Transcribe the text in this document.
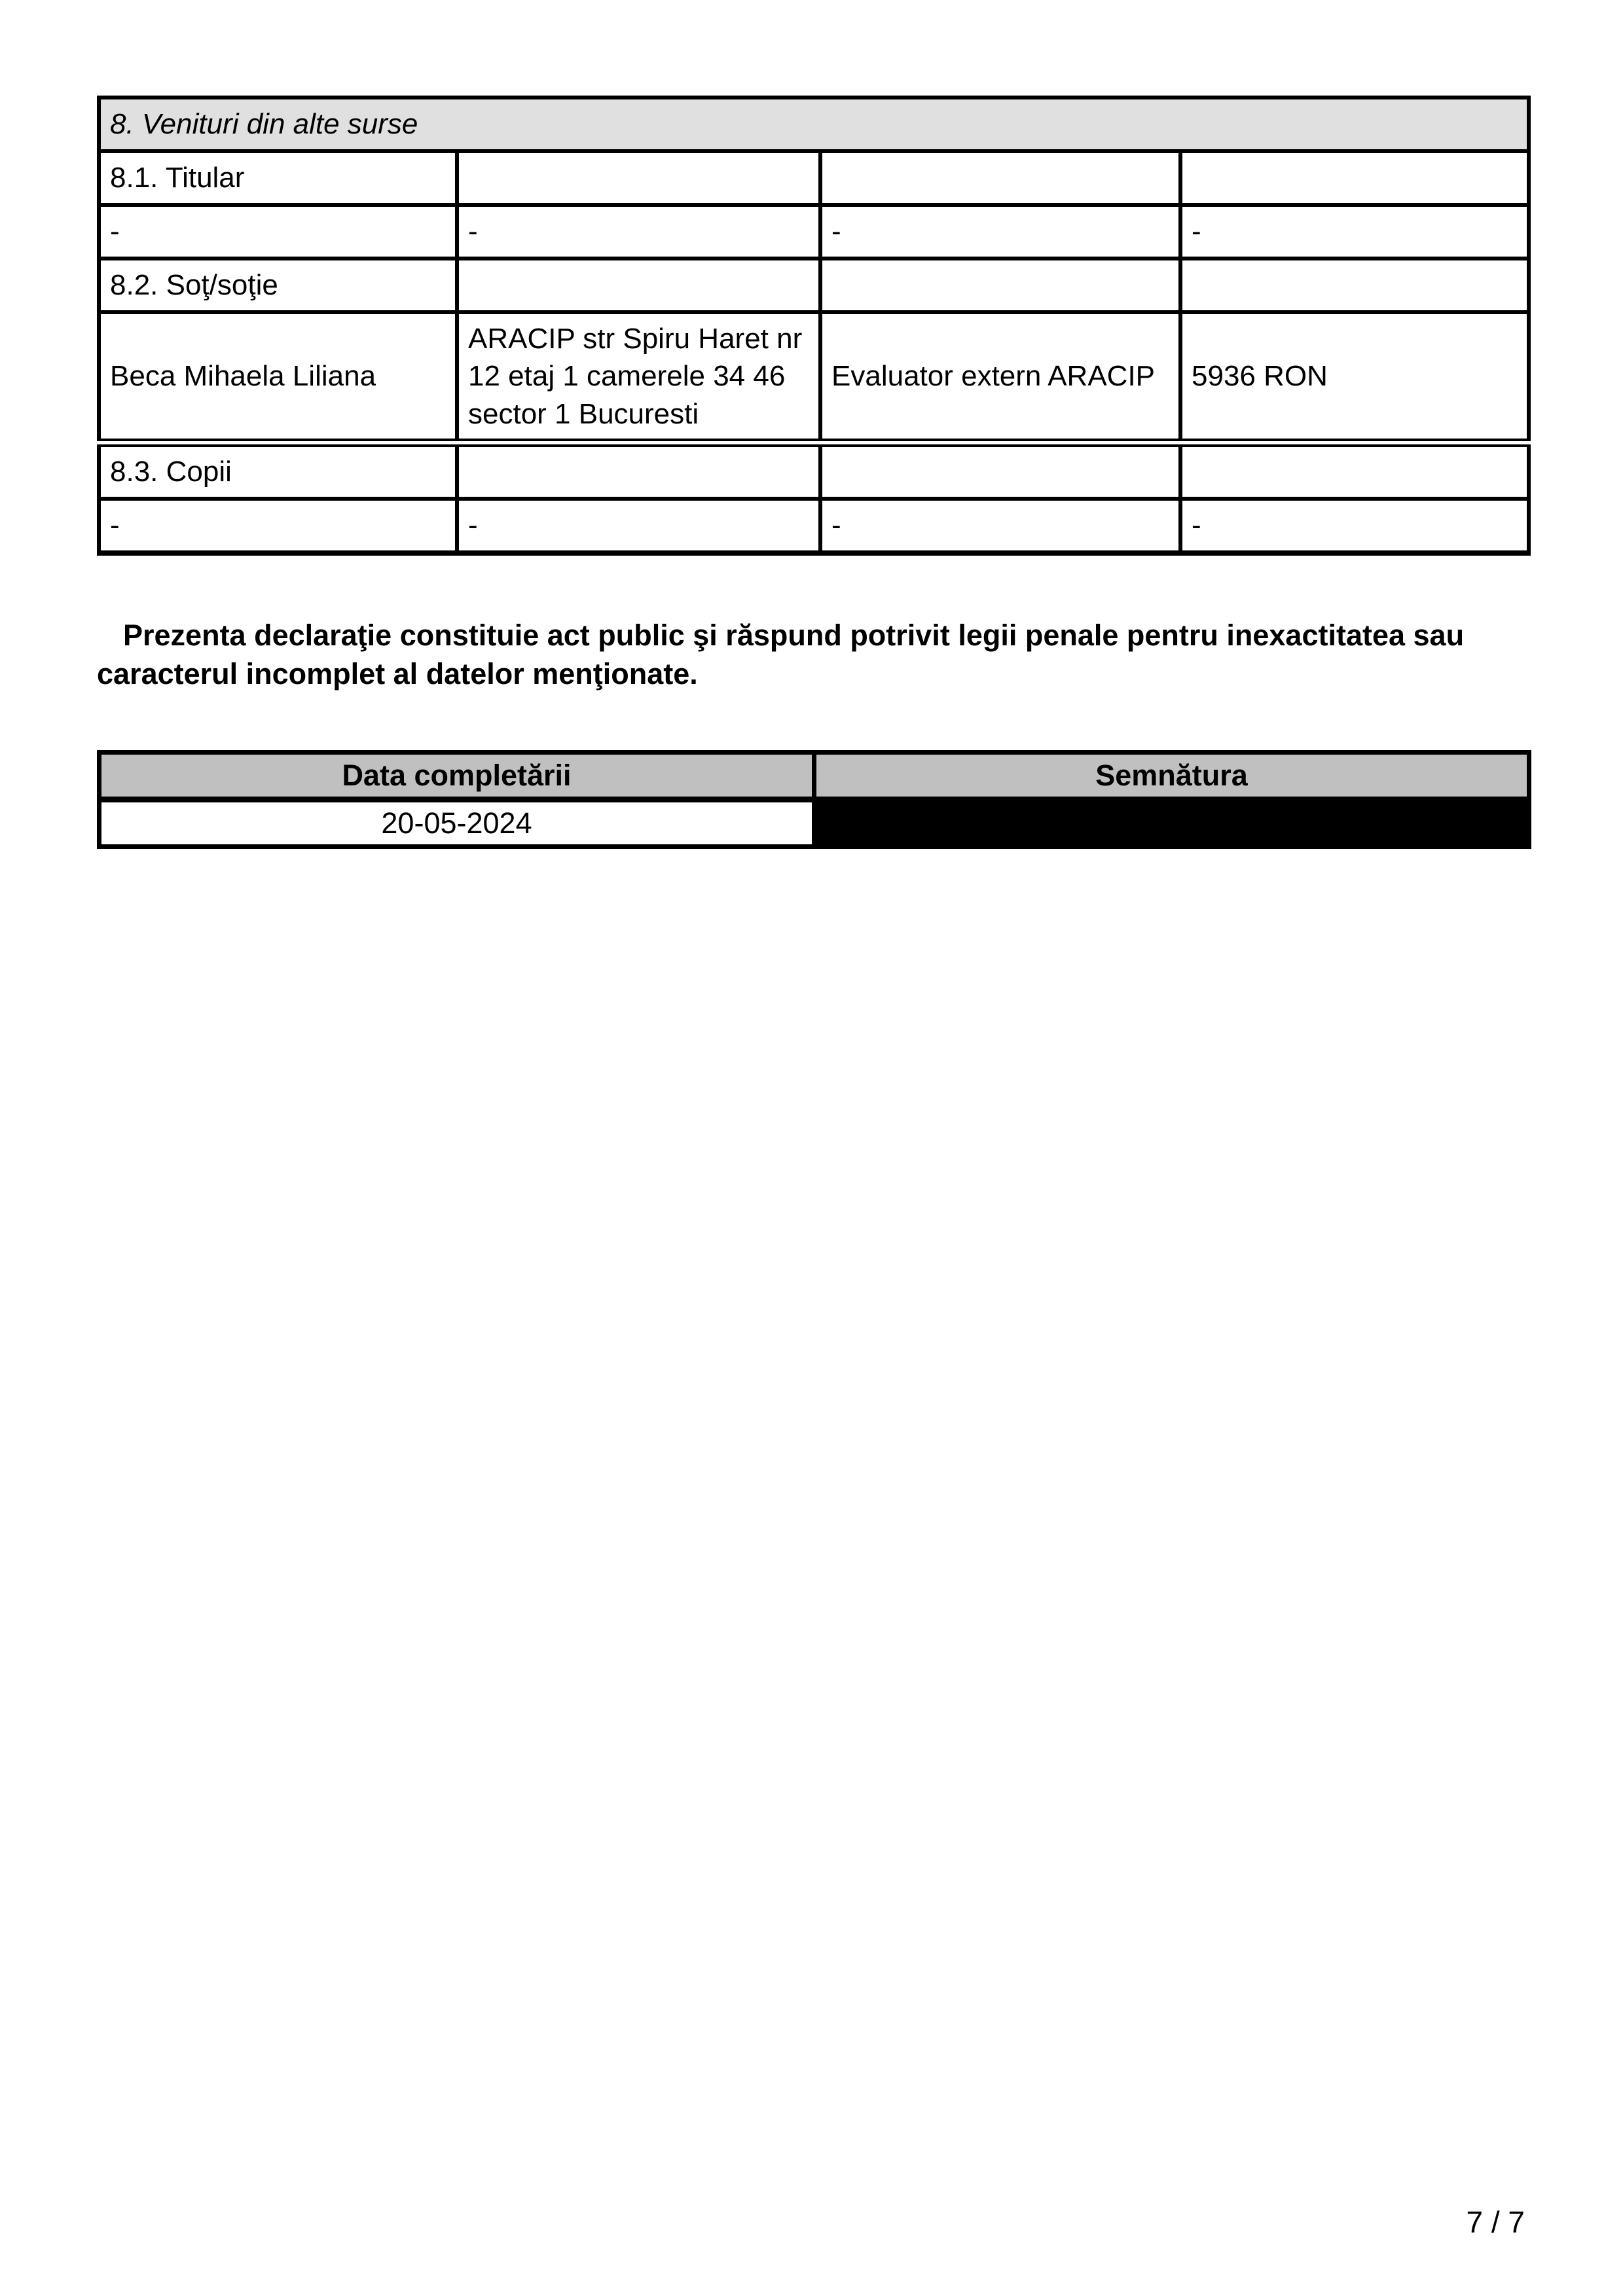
8. Venituri din alte surse			
8.1. Titular			
-	-	-	-
8.2. Soţ/soţie			
Beca Mihaela Liliana	ARACIP str Spiru Haret nr 12 etaj 1 camerele 34 46 sector 1 Bucuresti	Evaluator extern ARACIP	5936 RON
8.3. Copii			
-	-	-	-

Prezenta declaraţie constituie act public şi răspund potrivit legii penale pentru inexactitatea sau caracterul incomplet al datelor menţionate.

Data completării	Semnătura
20-05-2024	
7 / 7
